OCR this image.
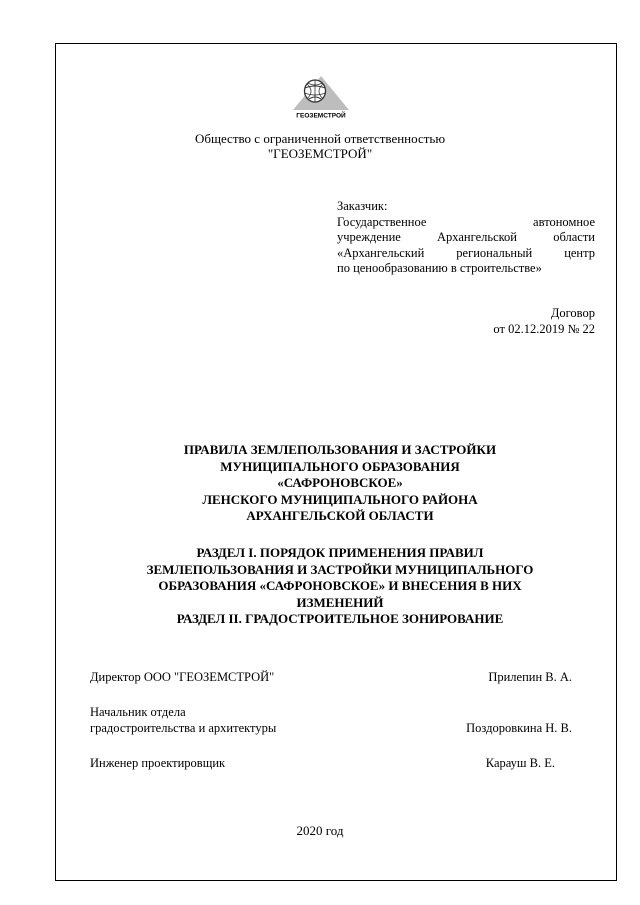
ГЕОЗЕМСТРОЙ
Общество с ограниченной ответственностью
"ГЕОЗЕМСТРОЙ"
Заказчик:
Государственное автономное
учреждение Архангельской области
«Архангельский региональный центр
по ценообразованию в строительстве»
Договор
от 02.12.2019 № 22
ПРАВИЛА ЗЕМЛЕПОЛЬЗОВАНИЯ И ЗАСТРОЙКИ
МУНИЦИПАЛЬНОГО ОБРАЗОВАНИЯ
«САФРОНОВСКОЕ»
ЛЕНСКОГО МУНИЦИПАЛЬНОГО РАЙОНА
АРХАНГЕЛЬСКОЙ ОБЛАСТИ
РАЗДЕЛ I. ПОРЯДОК ПРИМЕНЕНИЯ ПРАВИЛ
ЗЕМЛЕПОЛЬЗОВАНИЯ И ЗАСТРОЙКИ МУНИЦИПАЛЬНОГО
ОБРАЗОВАНИЯ «САФРОНОВСКОЕ» И ВНЕСЕНИЯ В НИХ
ИЗМЕНЕНИЙ
РАЗДЕЛ II. ГРАДОСТРОИТЕЛЬНОЕ ЗОНИРОВАНИЕ
Директор ООО "ГЕОЗЕМСТРОЙ"	Прилепин В. А.
Начальник отдела
градостроительства и архитектуры	Поздоровкина Н. В.
Инженер проектировщик	Карауш В. Е.
2020 год
